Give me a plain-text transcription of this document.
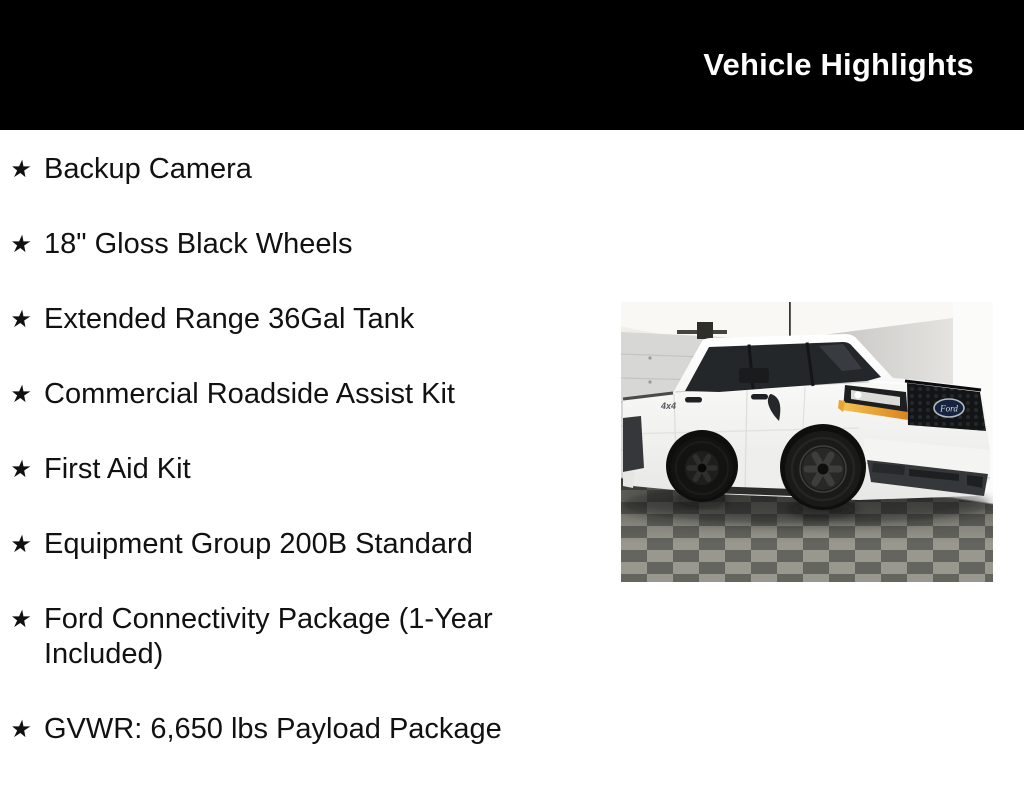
Vehicle Highlights
★ Backup Camera
★ 18" Gloss Black Wheels
★ Extended Range 36Gal Tank
★ Commercial Roadside Assist Kit
★ First Aid Kit
★ Equipment Group 200B Standard
★ Ford Connectivity Package (1-Year Included)
★ GVWR: 6,650 lbs Payload Package
4x4	Ford
